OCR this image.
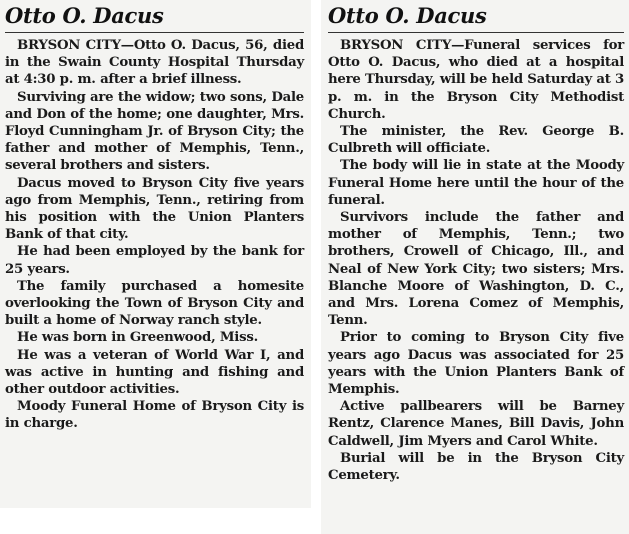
Otto O. Dacus

BRYSON CITY—Otto O. Dacus, 56, died in the Swain County Hospital Thursday at 4:30 p. m. after a brief illness.

Surviving are the widow; two sons, Dale and Don of the home; one daughter, Mrs. Floyd Cunningham Jr. of Bryson City; the father and mother of Memphis, Tenn., several brothers and sisters.

Dacus moved to Bryson City five years ago from Memphis, Tenn., retiring from his position with the Union Planters Bank of that city.

He had been employed by the bank for 25 years.

The family purchased a homesite overlooking the Town of Bryson City and built a home of Norway ranch style.

He was born in Greenwood, Miss.

He was a veteran of World War I, and was active in hunting and fishing and other outdoor activities.

Moody Funeral Home of Bryson City is in charge.

Otto O. Dacus

BRYSON CITY—Funeral services for Otto O. Dacus, who died at a hospital here Thursday, will be held Saturday at 3 p. m. in the Bryson City Methodist Church.

The minister, the Rev. George B. Culbreth will officiate.

The body will lie in state at the Moody Funeral Home here until the hour of the funeral.

Survivors include the father and mother of Memphis, Tenn.; two brothers, Crowell of Chicago, Ill., and Neal of New York City; two sisters; Mrs. Blanche Moore of Washington, D. C., and Mrs. Lorena Comez of Memphis, Tenn.

Prior to coming to Bryson City five years ago Dacus was associated for 25 years with the Union Planters Bank of Memphis.

Active pallbearers will be Barney Rentz, Clarence Manes, Bill Davis, John Caldwell, Jim Myers and Carol White.

Burial will be in the Bryson City Cemetery.
